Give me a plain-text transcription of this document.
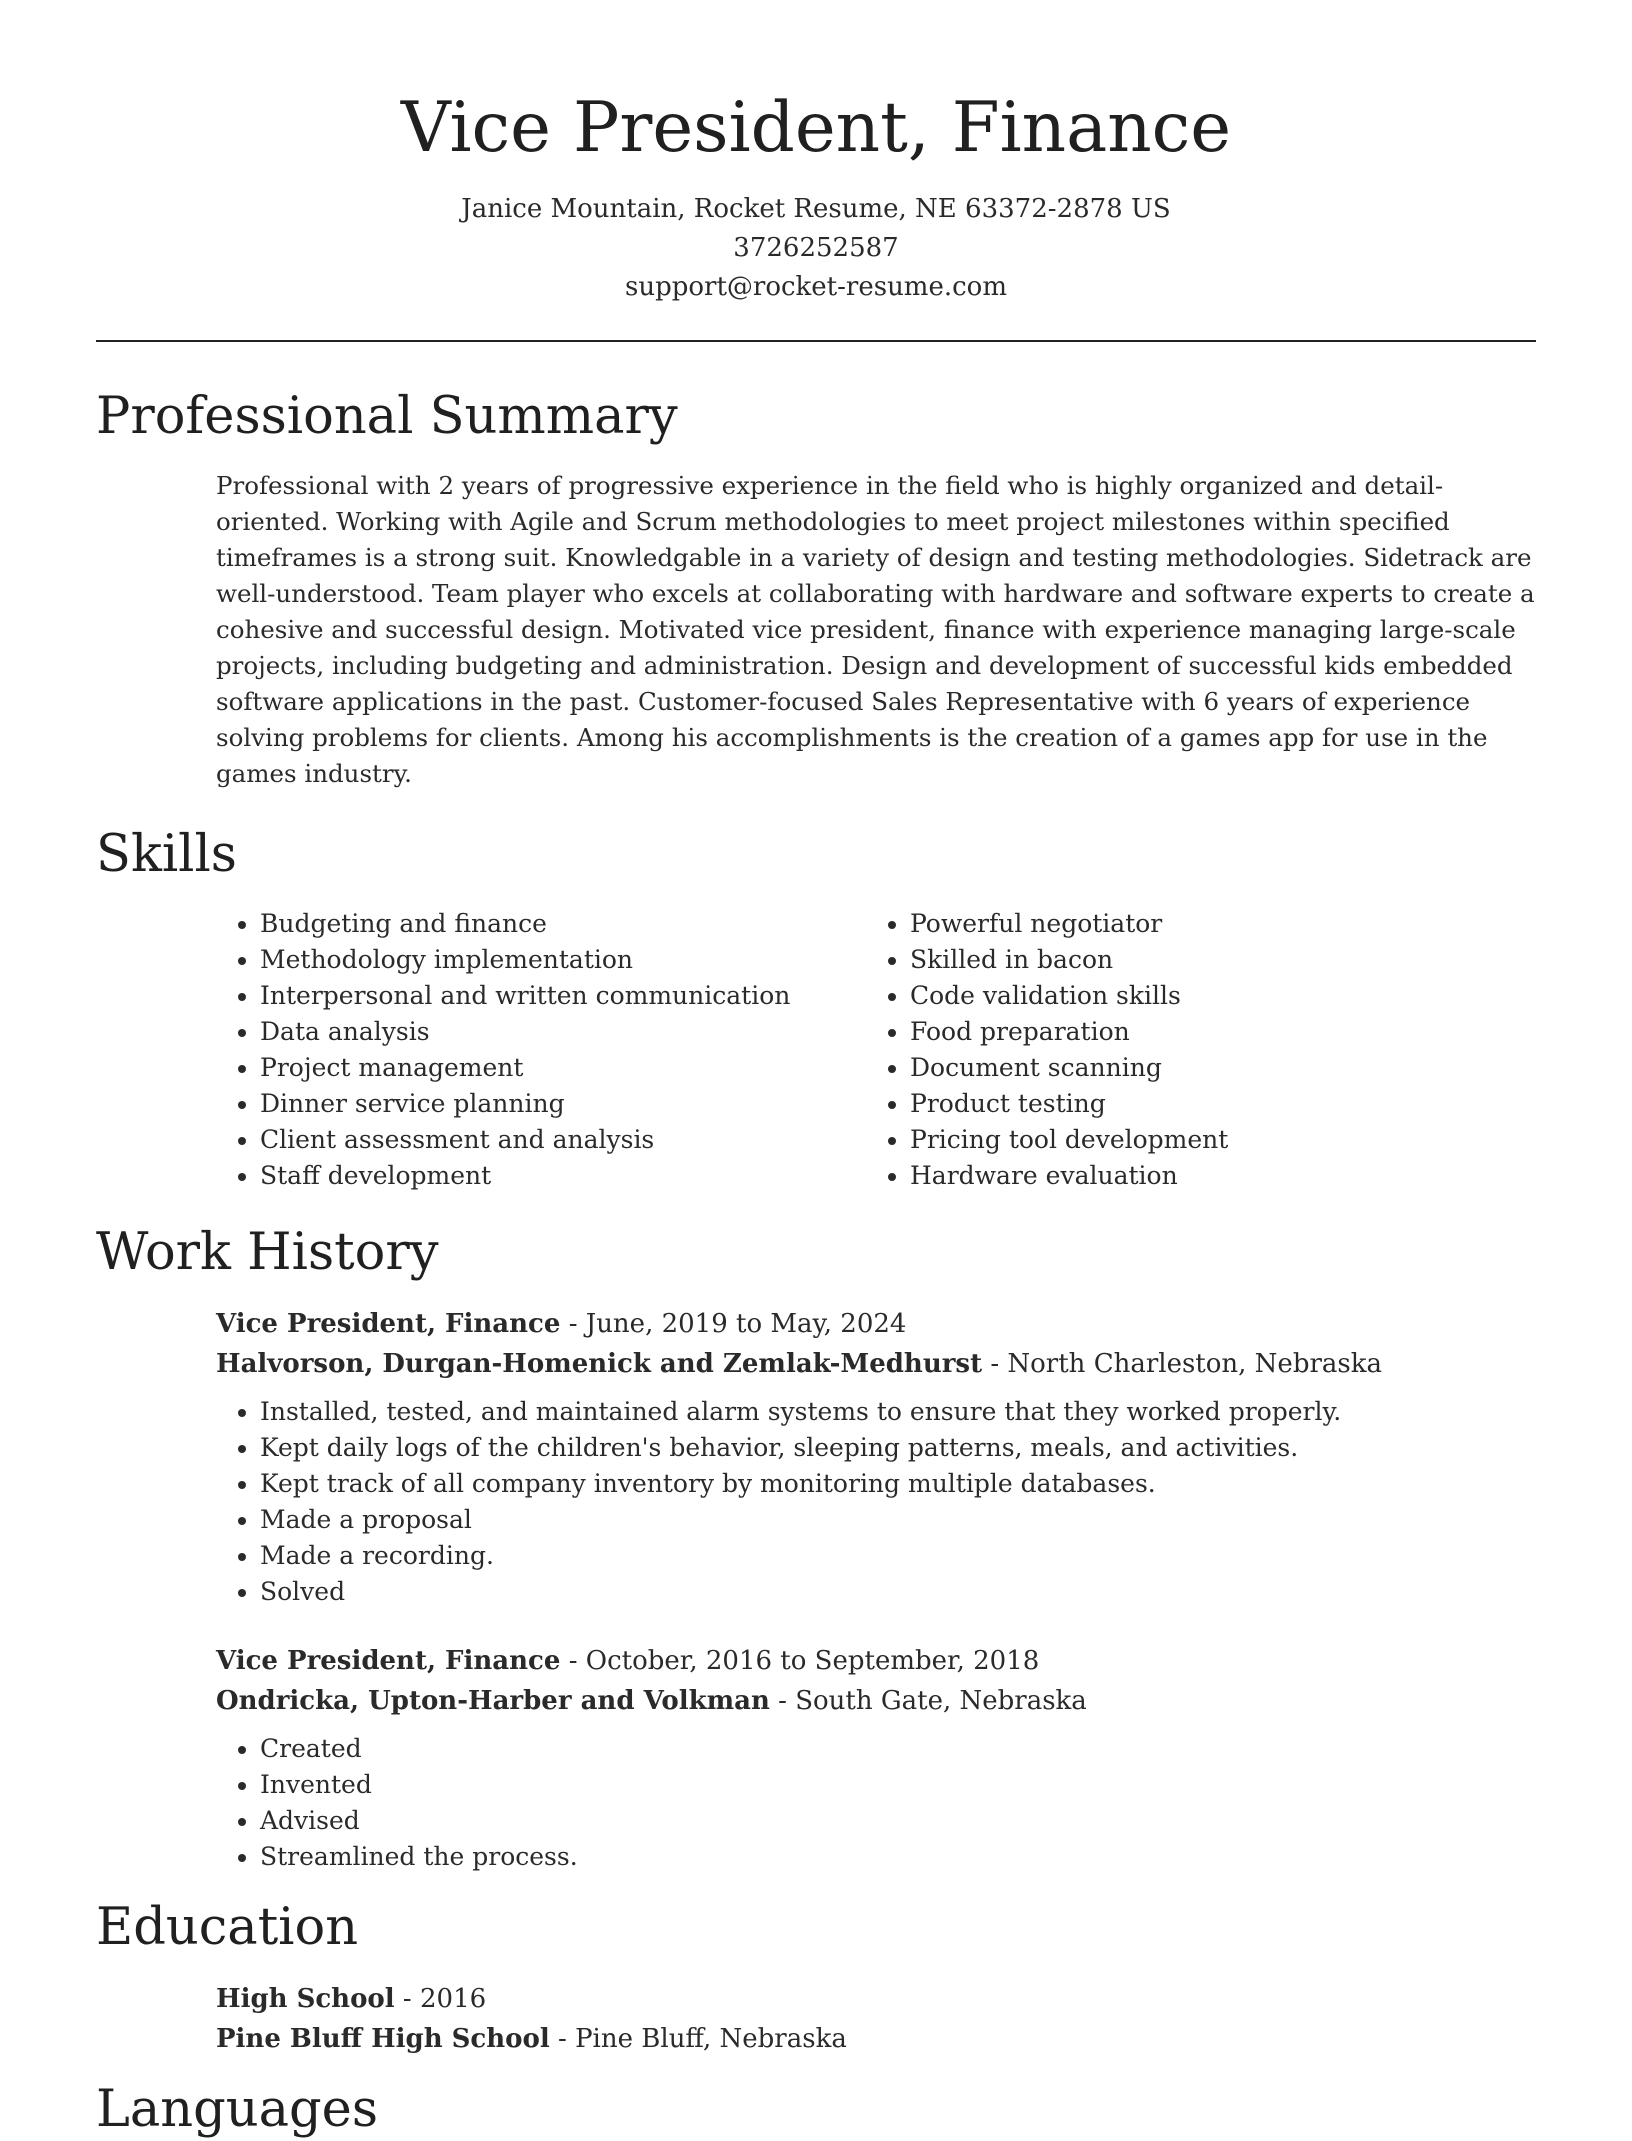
Vice President, Finance
Janice Mountain, Rocket Resume, NE 63372-2878 US
3726252587
support@rocket-resume.com
Professional Summary

Professional with 2 years of progressive experience in the field who is highly organized and detail-oriented. Working with Agile and Scrum methodologies to meet project milestones within specified timeframes is a strong suit. Knowledgable in a variety of design and testing methodologies. Sidetrack are well-understood. Team player who excels at collaborating with hardware and software experts to create a cohesive and successful design. Motivated vice president, finance with experience managing large-scale projects, including budgeting and administration. Design and development of successful kids embedded software applications in the past. Customer-focused Sales Representative with 6 years of experience solving problems for clients. Among his accomplishments is the creation of a games app for use in the games industry.

Skills
• Budgeting and finance
• Methodology implementation
• Interpersonal and written communication
• Data analysis
• Project management
• Dinner service planning
• Client assessment and analysis
• Staff development
• Powerful negotiator
• Skilled in bacon
• Code validation skills
• Food preparation
• Document scanning
• Product testing
• Pricing tool development
• Hardware evaluation
Work History
Vice President, Finance - June, 2019 to May, 2024
Halvorson, Durgan-Homenick and Zemlak-Medhurst - North Charleston, Nebraska
• Installed, tested, and maintained alarm systems to ensure that they worked properly.
• Kept daily logs of the children's behavior, sleeping patterns, meals, and activities.
• Kept track of all company inventory by monitoring multiple databases.
• Made a proposal
• Made a recording.
• Solved
Vice President, Finance - October, 2016 to September, 2018
Ondricka, Upton-Harber and Volkman - South Gate, Nebraska
• Created
• Invented
• Advised
• Streamlined the process.
Education
High School - 2016
Pine Bluff High School - Pine Bluff, Nebraska
Languages
